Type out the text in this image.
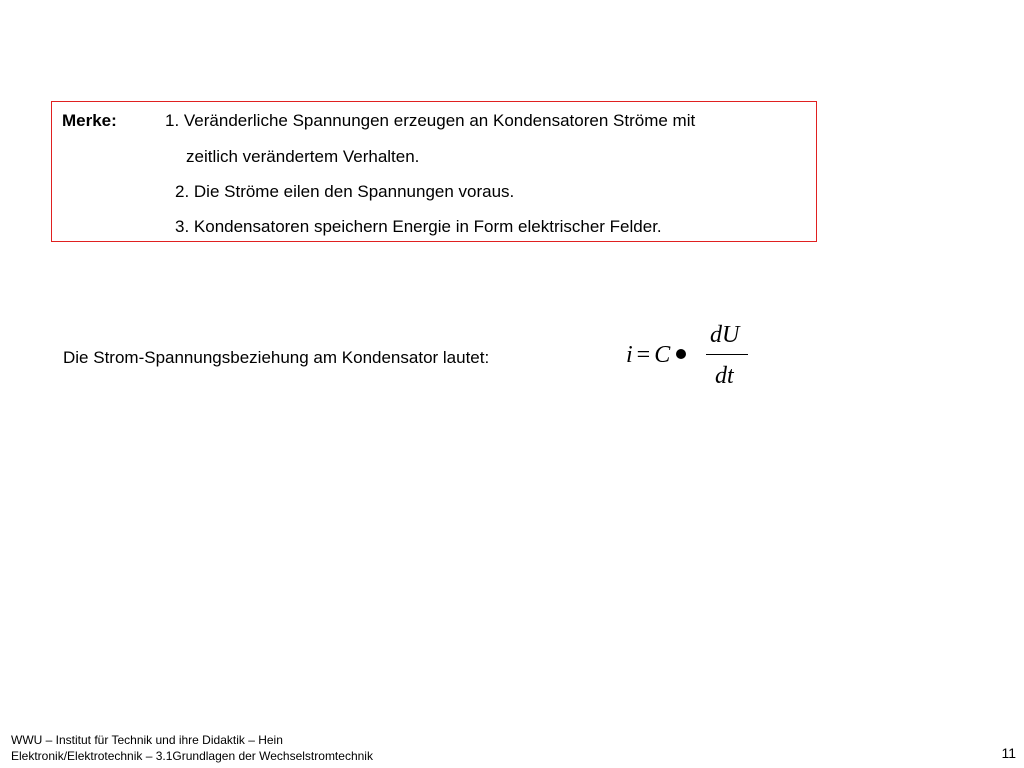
Merke:	1. Veränderliche Spannungen erzeugen an Kondensatoren Ströme mit
zeitlich verändertem Verhalten.
2. Die Ströme eilen den Spannungen voraus.
3. Kondensatoren speichern Energie in Form elektrischer Felder.
Die Strom-Spannungsbeziehung am Kondensator lautet:	i = C
dU
dt
WWU – Institut für Technik und ihre Didaktik – Hein
Elektronik/Elektrotechnik – 3.1Grundlagen der Wechselstromtechnik	11
